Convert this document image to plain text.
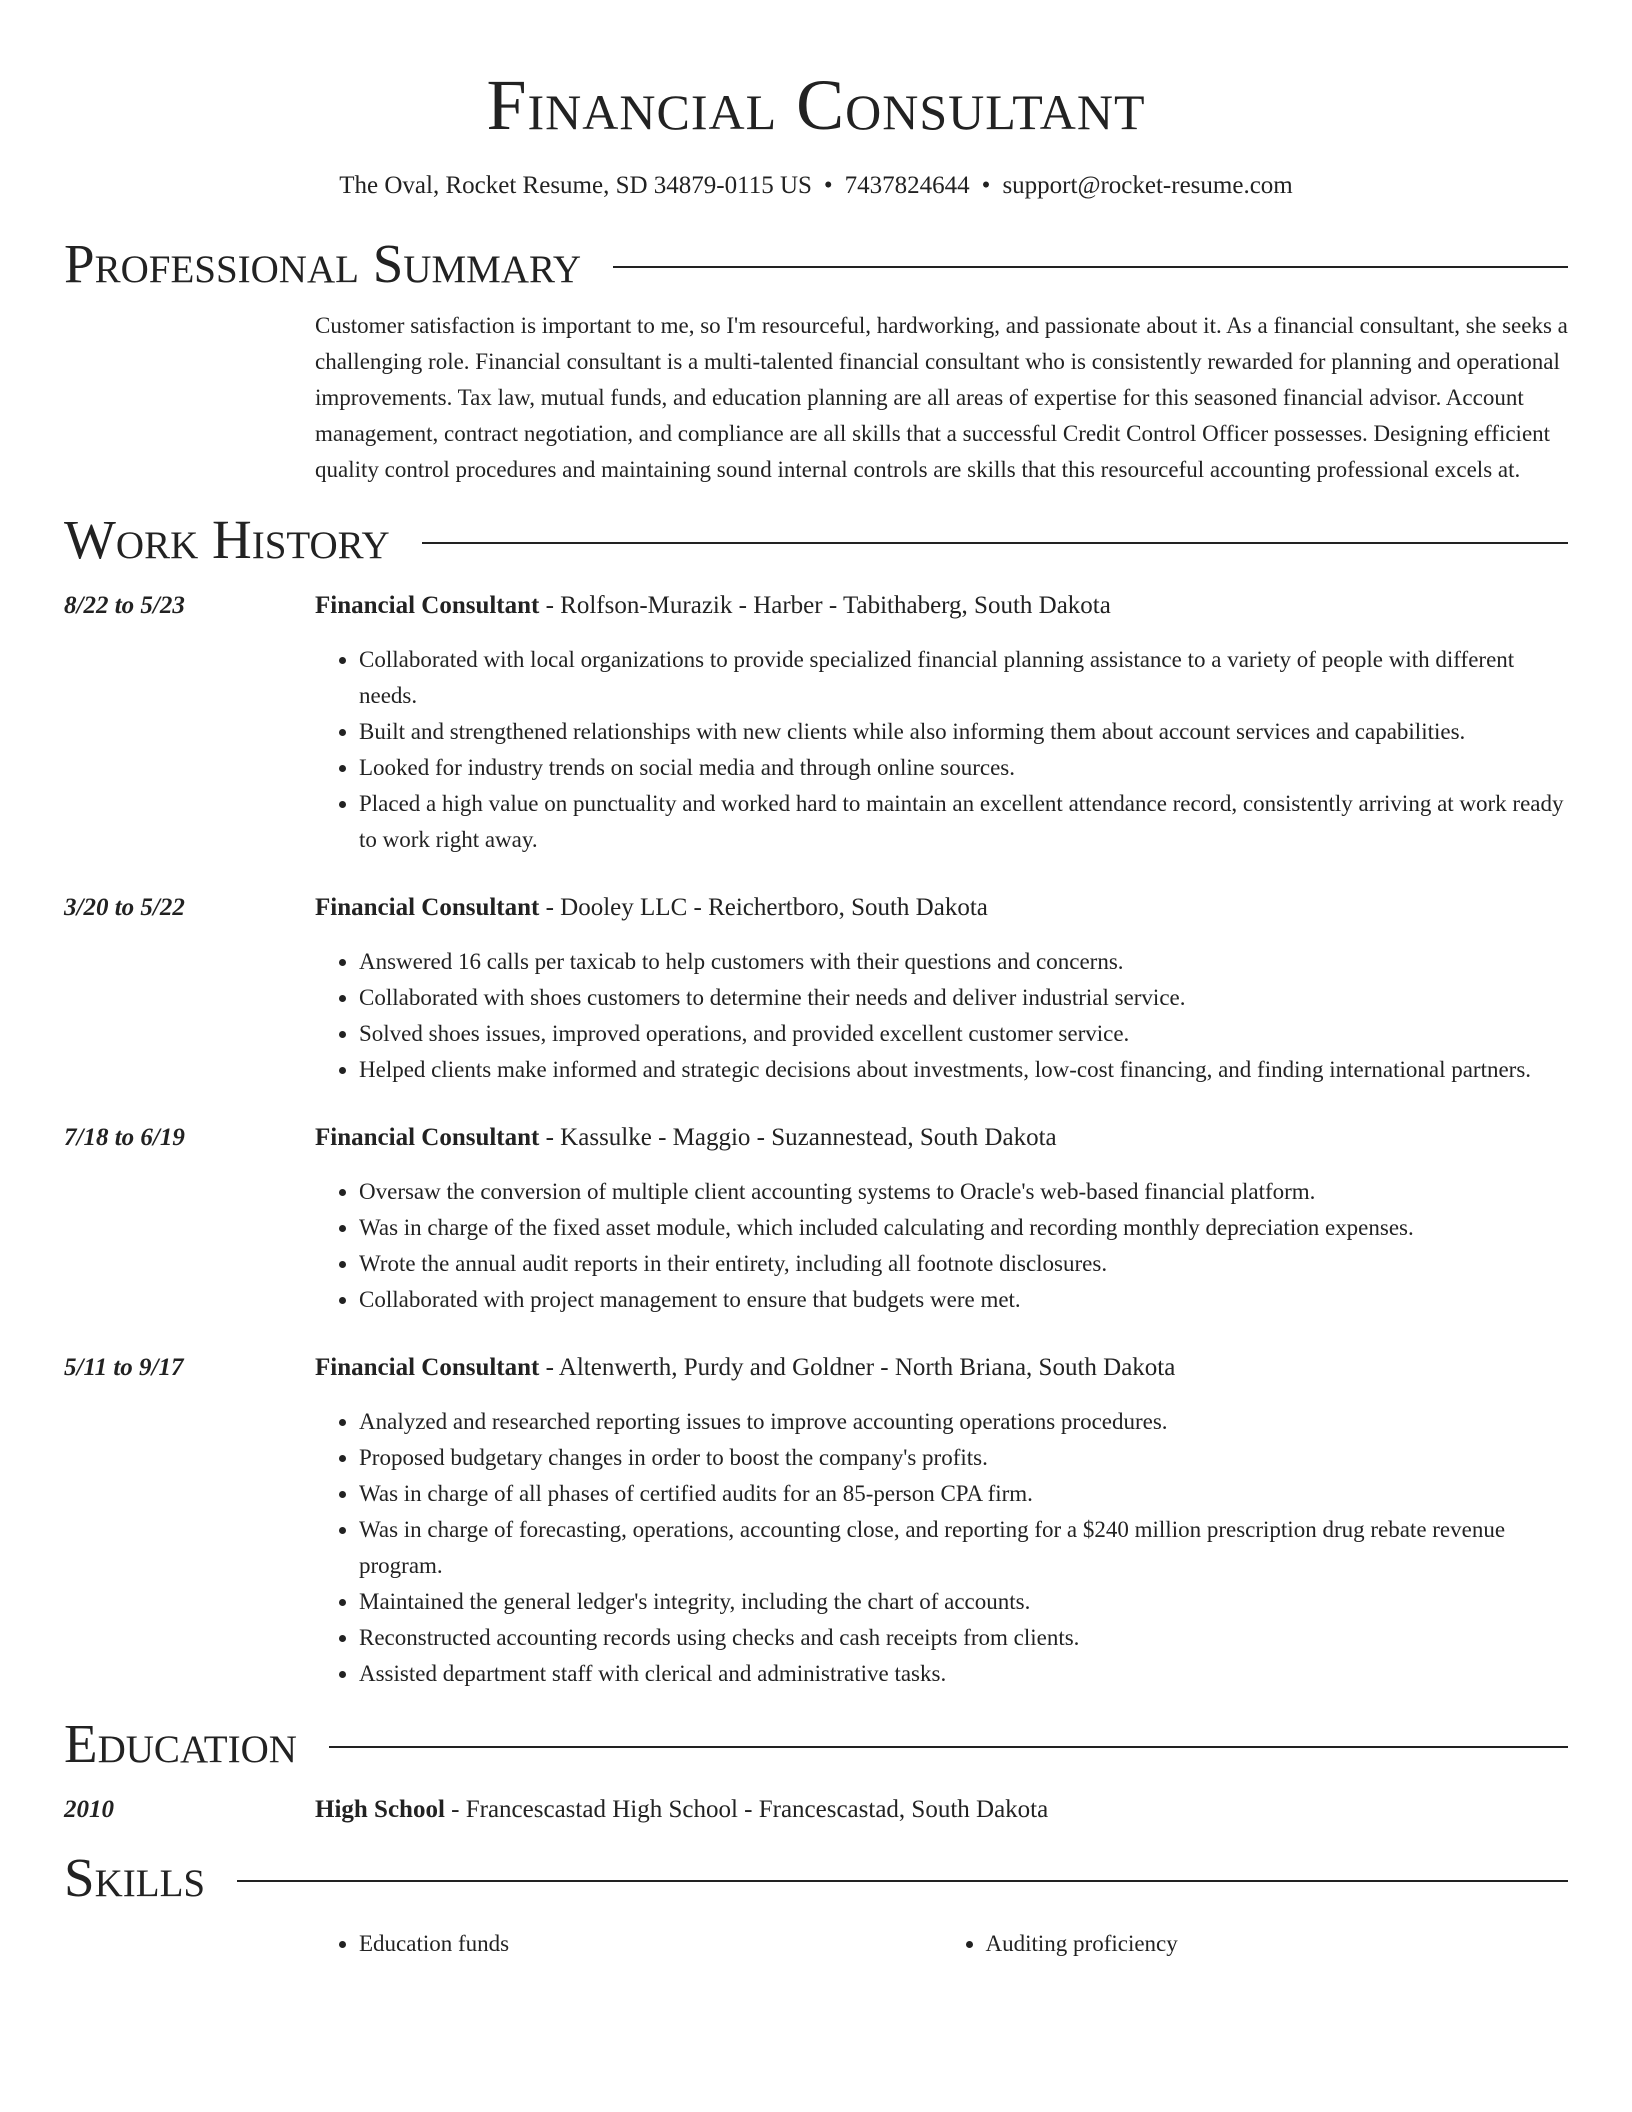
Financial Consultant
The Oval, Rocket Resume, SD 34879-0115 US • 7437824644 • support@rocket-resume.com
Professional Summary

Customer satisfaction is important to me, so I'm resourceful, hardworking, and passionate about it. As a financial consultant, she seeks a challenging role. Financial consultant is a multi-talented financial consultant who is consistently rewarded for planning and operational improvements. Tax law, mutual funds, and education planning are all areas of expertise for this seasoned financial advisor. Account management, contract negotiation, and compliance are all skills that a successful Credit Control Officer possesses. Designing efficient quality control procedures and maintaining sound internal controls are skills that this resourceful accounting professional excels at.

Work History
8/22 to 5/23	Financial Consultant - Rolfson-Murazik - Harber - Tabithaberg, South Dakota
• Collaborated with local organizations to provide specialized financial planning assistance to a variety of people with different needs.
• Built and strengthened relationships with new clients while also informing them about account services and capabilities.
• Looked for industry trends on social media and through online sources.
• Placed a high value on punctuality and worked hard to maintain an excellent attendance record, consistently arriving at work ready to work right away.
3/20 to 5/22	Financial Consultant - Dooley LLC - Reichertboro, South Dakota
• Answered 16 calls per taxicab to help customers with their questions and concerns.
• Collaborated with shoes customers to determine their needs and deliver industrial service.
• Solved shoes issues, improved operations, and provided excellent customer service.
• Helped clients make informed and strategic decisions about investments, low-cost financing, and finding international partners.
7/18 to 6/19	Financial Consultant - Kassulke - Maggio - Suzannestead, South Dakota
• Oversaw the conversion of multiple client accounting systems to Oracle's web-based financial platform.
• Was in charge of the fixed asset module, which included calculating and recording monthly depreciation expenses.
• Wrote the annual audit reports in their entirety, including all footnote disclosures.
• Collaborated with project management to ensure that budgets were met.
5/11 to 9/17	Financial Consultant - Altenwerth, Purdy and Goldner - North Briana, South Dakota
• Analyzed and researched reporting issues to improve accounting operations procedures.
• Proposed budgetary changes in order to boost the company's profits.
• Was in charge of all phases of certified audits for an 85-person CPA firm.
• Was in charge of forecasting, operations, accounting close, and reporting for a $240 million prescription drug rebate revenue program.
• Maintained the general ledger's integrity, including the chart of accounts.
• Reconstructed accounting records using checks and cash receipts from clients.
• Assisted department staff with clerical and administrative tasks.
Education
2010	High School - Francescastad High School - Francescastad, South Dakota
Skills
• Education funds
•	Auditing proficiency
